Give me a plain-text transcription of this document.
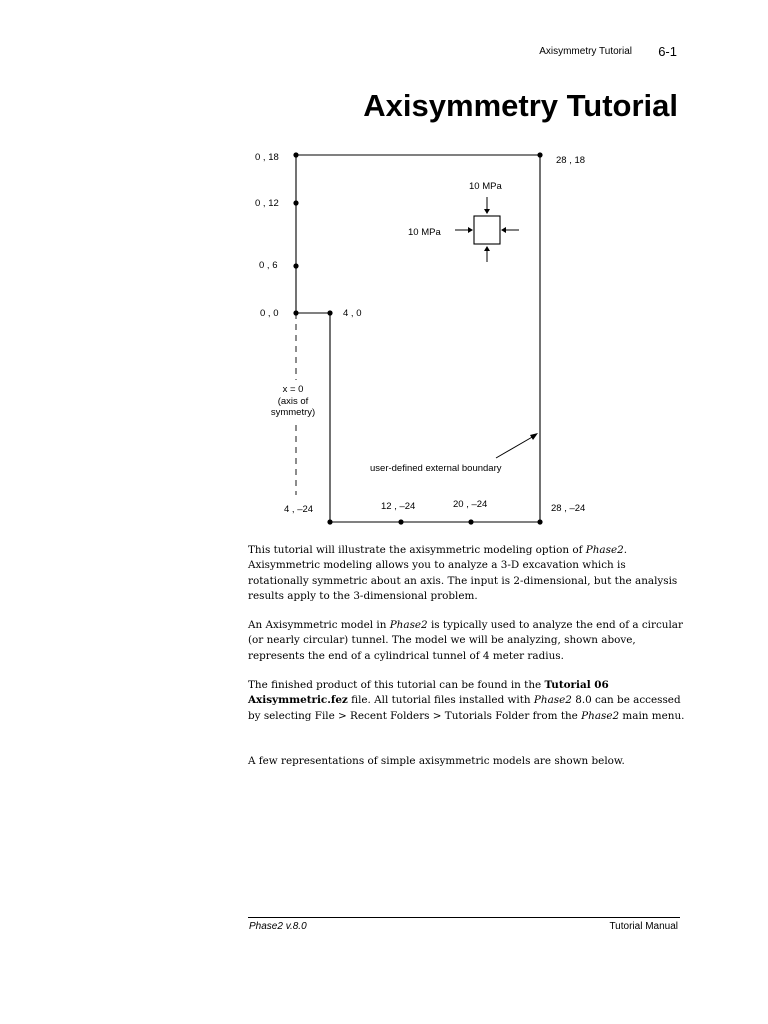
Axisymmetry Tutorial 6-1
Axisymmetry Tutorial
0 , 18	28 , 18
0 , 12
0 , 6
0 , 0	4 , 0
4 , –24	12 , –24	20 , –24	28 , –24
x = 0
(axis of
symmetry)
10 MPa
10 MPa
user-defined external boundary

This tutorial will illustrate the axisymmetric modeling option of Phase2. Axisymmetric modeling allows you to analyze a 3-D excavation which is rotationally symmetric about an axis. The input is 2-dimensional, but the analysis results apply to the 3-dimensional problem.

An Axisymmetric model in Phase2 is typically used to analyze the end of a circular (or nearly circular) tunnel. The model we will be analyzing, shown above, represents the end of a cylindrical tunnel of 4 meter radius.

The finished product of this tutorial can be found in the Tutorial 06 Axisymmetric.fez file. All tutorial files installed with Phase2 8.0 can be accessed by selecting File > Recent Folders > Tutorials Folder from the Phase2 main menu.

A few representations of simple axisymmetric models are shown below.

Phase2 v.8.0	Tutorial Manual
